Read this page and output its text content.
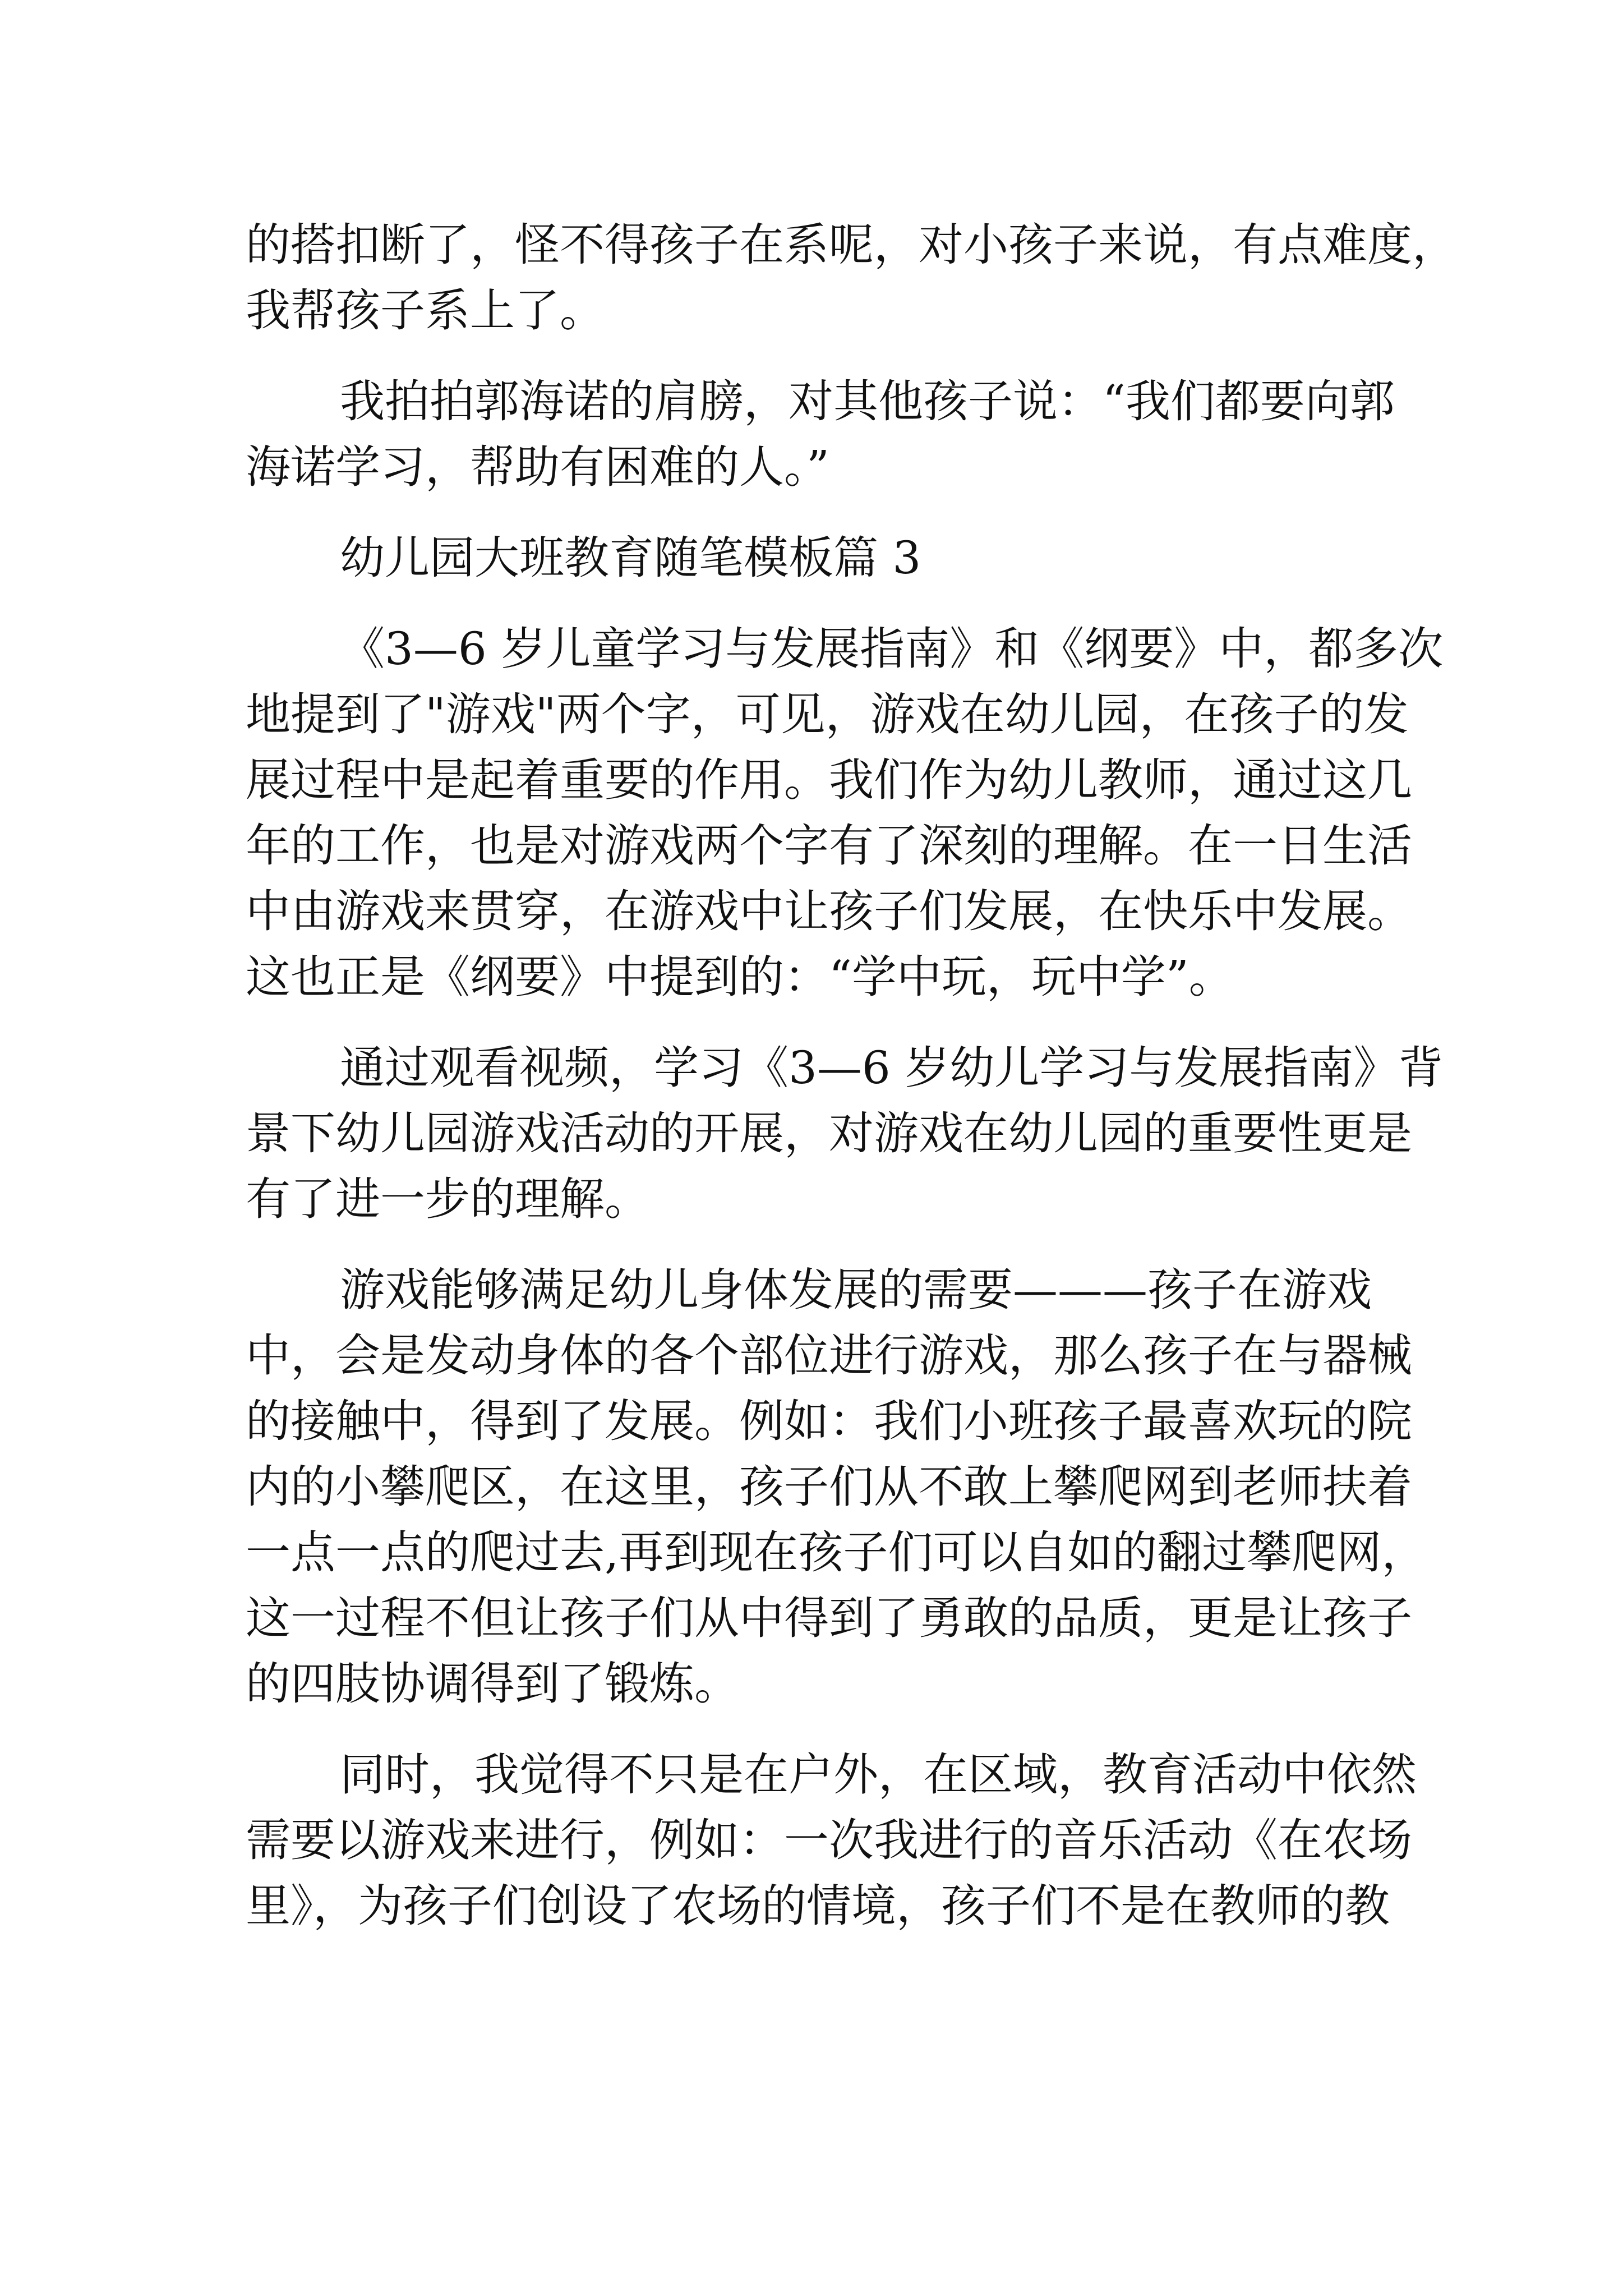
的搭扣断了，怪不得孩子在系呢，对小孩子来说，有点难度，
我帮孩子系上了。
我拍拍郭海诺的肩膀，对其他孩子说：“我们都要向郭
海诺学习，帮助有困难的人。”
幼儿园大班教育随笔模板篇 3
《3—6 岁儿童学习与发展指南》和《纲要》中，都多次
地提到了"游戏"两个字，可见，游戏在幼儿园，在孩子的发
展过程中是起着重要的作用。我们作为幼儿教师，通过这几
年的工作，也是对游戏两个字有了深刻的理解。在一日生活
中由游戏来贯穿，在游戏中让孩子们发展，在快乐中发展。
这也正是《纲要》中提到的：“学中玩，玩中学”。
通过观看视频，学习《3—6 岁幼儿学习与发展指南》背
景下幼儿园游戏活动的开展，对游戏在幼儿园的重要性更是
有了进一步的理解。
游戏能够满足幼儿身体发展的需要———孩子在游戏
中，会是发动身体的各个部位进行游戏，那么孩子在与器械
的接触中，得到了发展。例如：我们小班孩子最喜欢玩的院
内的小攀爬区，在这里，孩子们从不敢上攀爬网到老师扶着
一点一点的爬过去,再到现在孩子们可以自如的翻过攀爬网，
这一过程不但让孩子们从中得到了勇敢的品质，更是让孩子
的四肢协调得到了锻炼。
同时，我觉得不只是在户外，在区域，教育活动中依然
需要以游戏来进行，例如：一次我进行的音乐活动《在农场
里》，为孩子们创设了农场的情境，孩子们不是在教师的教
